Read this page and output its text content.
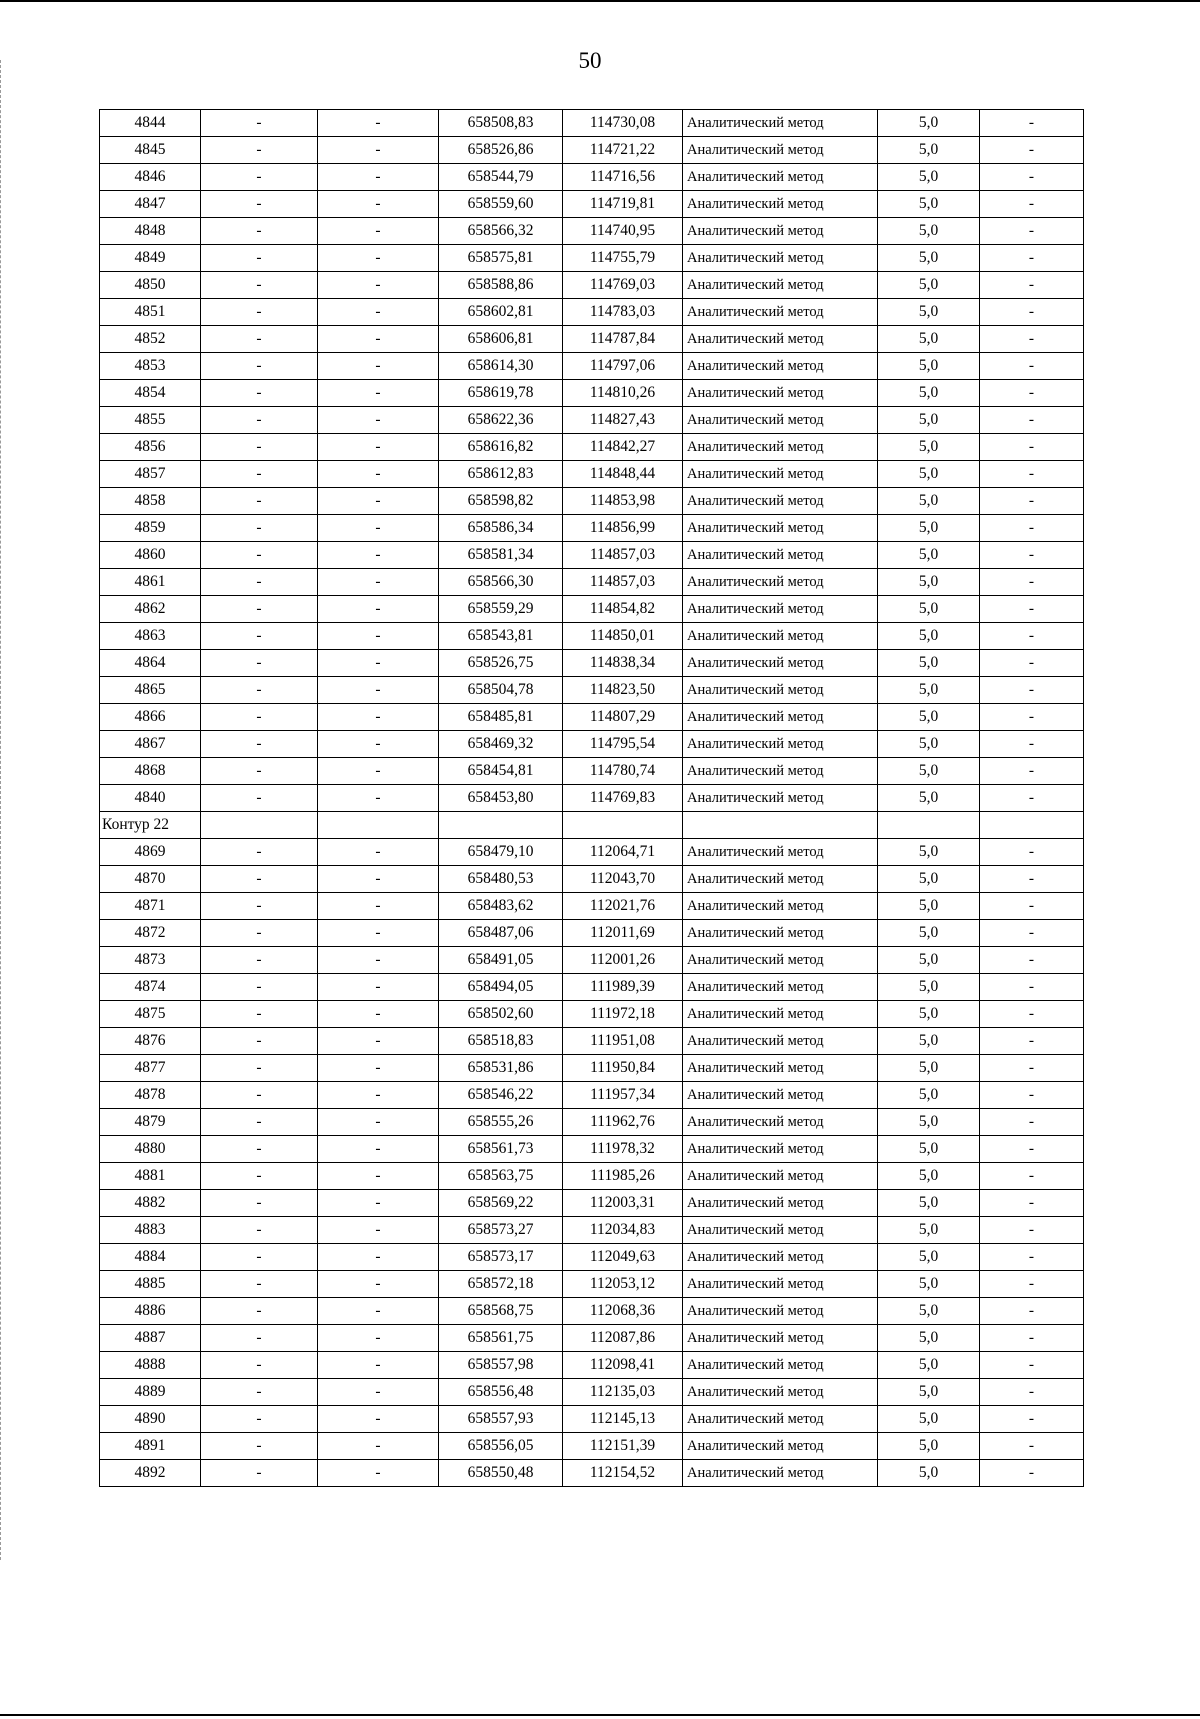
50
4844	-	-	658508,83	114730,08	Аналитический метод	5,0	-
4845	-	-	658526,86	114721,22	Аналитический метод	5,0	-
4846	-	-	658544,79	114716,56	Аналитический метод	5,0	-
4847	-	-	658559,60	114719,81	Аналитический метод	5,0	-
4848	-	-	658566,32	114740,95	Аналитический метод	5,0	-
4849	-	-	658575,81	114755,79	Аналитический метод	5,0	-
4850	-	-	658588,86	114769,03	Аналитический метод	5,0	-
4851	-	-	658602,81	114783,03	Аналитический метод	5,0	-
4852	-	-	658606,81	114787,84	Аналитический метод	5,0	-
4853	-	-	658614,30	114797,06	Аналитический метод	5,0	-
4854	-	-	658619,78	114810,26	Аналитический метод	5,0	-
4855	-	-	658622,36	114827,43	Аналитический метод	5,0	-
4856	-	-	658616,82	114842,27	Аналитический метод	5,0	-
4857	-	-	658612,83	114848,44	Аналитический метод	5,0	-
4858	-	-	658598,82	114853,98	Аналитический метод	5,0	-
4859	-	-	658586,34	114856,99	Аналитический метод	5,0	-
4860	-	-	658581,34	114857,03	Аналитический метод	5,0	-
4861	-	-	658566,30	114857,03	Аналитический метод	5,0	-
4862	-	-	658559,29	114854,82	Аналитический метод	5,0	-
4863	-	-	658543,81	114850,01	Аналитический метод	5,0	-
4864	-	-	658526,75	114838,34	Аналитический метод	5,0	-
4865	-	-	658504,78	114823,50	Аналитический метод	5,0	-
4866	-	-	658485,81	114807,29	Аналитический метод	5,0	-
4867	-	-	658469,32	114795,54	Аналитический метод	5,0	-
4868	-	-	658454,81	114780,74	Аналитический метод	5,0	-
4840	-	-	658453,80	114769,83	Аналитический метод	5,0	-
Контур 22							
4869	-	-	658479,10	112064,71	Аналитический метод	5,0	-
4870	-	-	658480,53	112043,70	Аналитический метод	5,0	-
4871	-	-	658483,62	112021,76	Аналитический метод	5,0	-
4872	-	-	658487,06	112011,69	Аналитический метод	5,0	-
4873	-	-	658491,05	112001,26	Аналитический метод	5,0	-
4874	-	-	658494,05	111989,39	Аналитический метод	5,0	-
4875	-	-	658502,60	111972,18	Аналитический метод	5,0	-
4876	-	-	658518,83	111951,08	Аналитический метод	5,0	-
4877	-	-	658531,86	111950,84	Аналитический метод	5,0	-
4878	-	-	658546,22	111957,34	Аналитический метод	5,0	-
4879	-	-	658555,26	111962,76	Аналитический метод	5,0	-
4880	-	-	658561,73	111978,32	Аналитический метод	5,0	-
4881	-	-	658563,75	111985,26	Аналитический метод	5,0	-
4882	-	-	658569,22	112003,31	Аналитический метод	5,0	-
4883	-	-	658573,27	112034,83	Аналитический метод	5,0	-
4884	-	-	658573,17	112049,63	Аналитический метод	5,0	-
4885	-	-	658572,18	112053,12	Аналитический метод	5,0	-
4886	-	-	658568,75	112068,36	Аналитический метод	5,0	-
4887	-	-	658561,75	112087,86	Аналитический метод	5,0	-
4888	-	-	658557,98	112098,41	Аналитический метод	5,0	-
4889	-	-	658556,48	112135,03	Аналитический метод	5,0	-
4890	-	-	658557,93	112145,13	Аналитический метод	5,0	-
4891	-	-	658556,05	112151,39	Аналитический метод	5,0	-
4892	-	-	658550,48	112154,52	Аналитический метод	5,0	-
